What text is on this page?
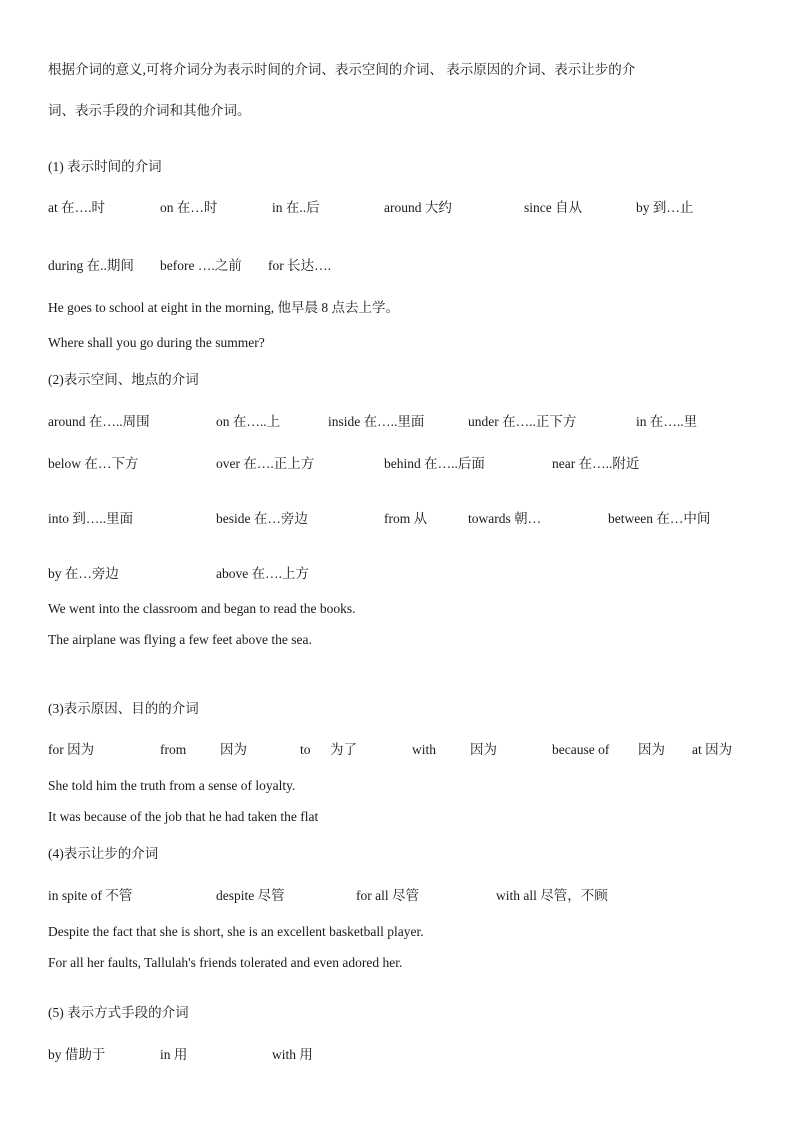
根据介词的意义,可将介词分为表示时间的介词、表示空间的介词、 表示原因的介词、表示让步的介
词、表示手段的介词和其他介词。
(1) 表示时间的介词
at 在….时	on 在…时	in 在..后	around 大约	since 自从	by 到…止
during 在..期间 before ….之前 for 长达….
He goes to school at eight in the morning, 他早晨 8 点去上学。
Where shall you go during the summer?
(2)表示空间、地点的介词
around 在…..周围	on 在…..上	inside 在…..里面	under 在…..正下方	in 在…..里
below 在…下方	over 在….正上方	behind 在…..后面	near 在…..附近
into 到…..里面	beside 在…旁边	from 从	towards 朝…	between 在…中间
by 在…旁边	above 在….上方
We went into the classroom and began to read the books.
The airplane was flying a few feet above the sea.
(3)表示原因、目的的介词
for 因为	from	因为	to 为了	with	因为	because of 因为 at 因为
She told him the truth from a sense of loyalty.
It was because of the job that he had taken the flat
(4)表示让步的介词
in spite of 不管	despite 尽管	for all 尽管	with all 尽管，不顾
Despite the fact that she is short, she is an excellent basketball player.
For all her faults, Tallulah's friends tolerated and even adored her.
(5) 表示方式手段的介词
by 借助于	in 用	with 用
